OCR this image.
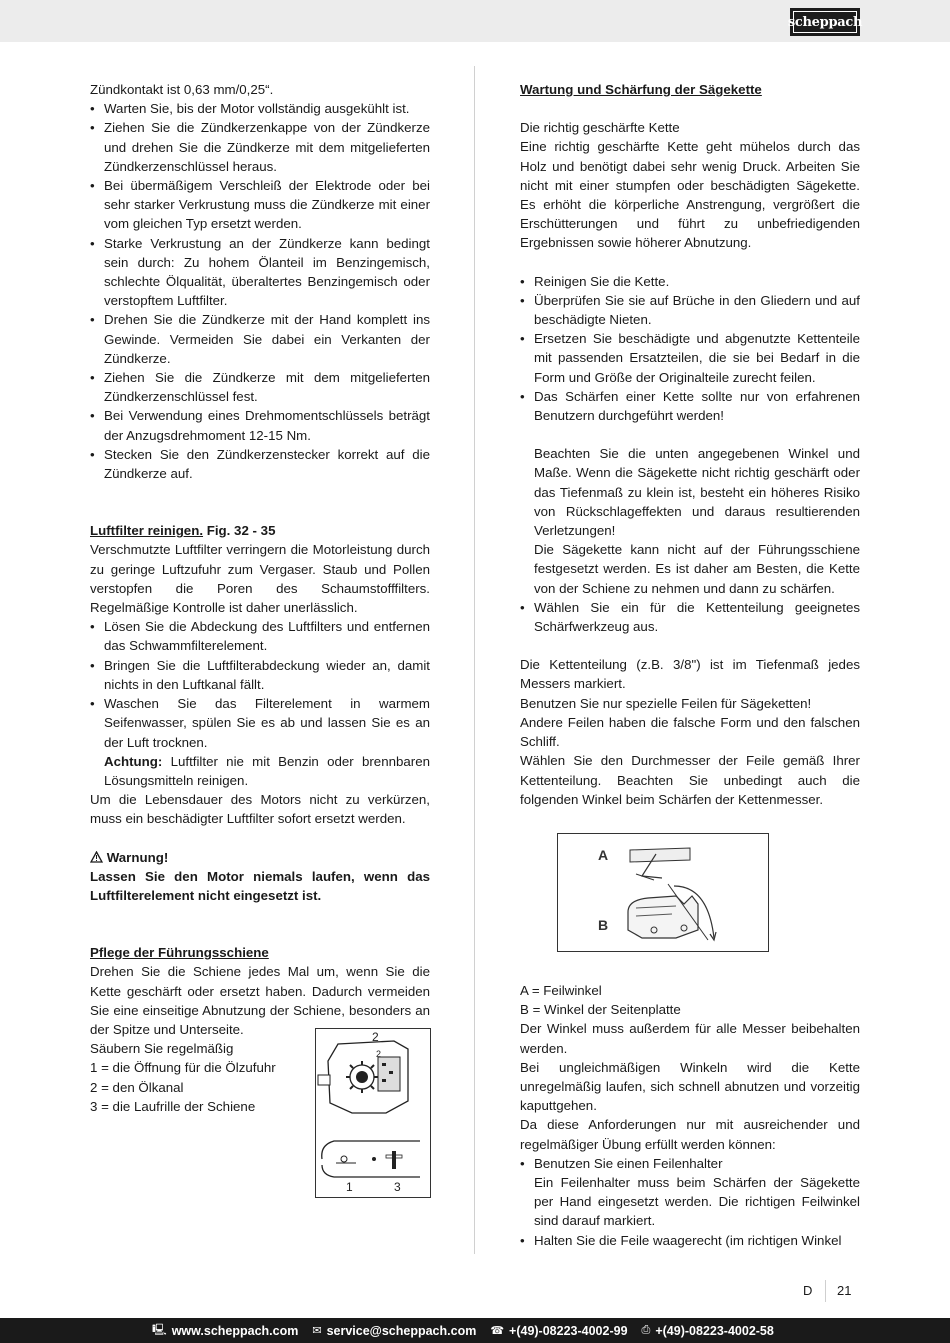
scheppach

Zündkontakt ist 0,63 mm/0,25“.

• Warten Sie, bis der Motor vollständig ausgekühlt ist.
• Ziehen Sie die Zündkerzenkappe von der Zündkerze und drehen Sie die Zündkerze mit dem mitgelieferten Zündkerzenschlüssel heraus.
• Bei übermäßigem Verschleiß der Elektrode oder bei sehr starker Verkrustung muss die Zündkerze mit einer vom gleichen Typ ersetzt werden.
• Starke Verkrustung an der Zündkerze kann bedingt sein durch: Zu hohem Ölanteil im Benzingemisch, schlechte Ölqualität, überaltertes Benzingemisch oder verstopftem Luftfilter.
• Drehen Sie die Zündkerze mit der Hand komplett ins Gewinde. Vermeiden Sie dabei ein Verkanten der Zündkerze.
• Ziehen Sie die Zündkerze mit dem mitgelieferten Zündkerzenschlüssel fest.
• Bei Verwendung eines Drehmomentschlüssels beträgt der Anzugsdrehmoment 12-15 Nm.
• Stecken Sie den Zündkerzenstecker korrekt auf die Zündkerze auf.

Luftfilter reinigen. Fig. 32 - 35

Verschmutzte Luftfilter verringern die Motorleistung durch zu geringe Luftzufuhr zum Vergaser. Staub und Pollen verstopfen die Poren des Schaumstofffilters. Regelmäßige Kontrolle ist daher unerlässlich.

• Lösen Sie die Abdeckung des Luftfilters und entfernen das Schwammfilterelement.
• Bringen Sie die Luftfilterabdeckung wieder an, damit nichts in den Luftkanal fällt.
• Waschen Sie das Filterelement in warmem Seifenwasser, spülen Sie es ab und lassen Sie es an der Luft trocknen.

Achtung: Luftfilter nie mit Benzin oder brennbaren Lösungsmitteln reinigen.

Um die Lebensdauer des Motors nicht zu verkürzen, muss ein beschädigter Luftfilter sofort ersetzt werden.

Warnung!

Lassen Sie den Motor niemals laufen, wenn das Luftfilterelement nicht eingesetzt ist.

Pflege der Führungsschiene

Drehen Sie die Schiene jedes Mal um, wenn Sie die Kette geschärft oder ersetzt haben. Dadurch vermeiden Sie eine einseitige Abnutzung der Schiene, besonders an der Spitze und Unterseite.

Säubern Sie regelmäßig
1 = die Öffnung für die Ölzufuhr
2 = den Ölkanal
3 = die Laufrille der Schiene
2
2
1	3

Wartung und Schärfung der Sägekette

Die richtig geschärfte Kette

Eine richtig geschärfte Kette geht mühelos durch das Holz und benötigt dabei sehr wenig Druck. Arbeiten Sie nicht mit einer stumpfen oder beschädigten Sägekette. Es erhöht die körperliche Anstrengung, vergrößert die Erschütterungen und führt zu unbefriedigenden Ergebnissen sowie höherer Abnutzung.

• Reinigen Sie die Kette.
• Überprüfen Sie sie auf Brüche in den Gliedern und auf beschädigte Nieten.
• Ersetzen Sie beschädigte und abgenutzte Kettenteile mit passenden Ersatzteilen, die sie bei Bedarf in die Form und Größe der Originalteile zurecht feilen.
• Das Schärfen einer Kette sollte nur von erfahrenen Benutzern durchgeführt werden!

Beachten Sie die unten angegebenen Winkel und Maße. Wenn die Sägekette nicht richtig geschärft oder das Tiefenmaß zu klein ist, besteht ein höheres Risiko von Rückschlageffekten und daraus resultierenden Verletzungen!

Die Sägekette kann nicht auf der Führungsschiene festgesetzt werden. Es ist daher am Besten, die Kette von der Schiene zu nehmen und dann zu schärfen.

• Wählen Sie ein für die Kettenteilung geeignetes Schärfwerkzeug aus.

Die Kettenteilung (z.B. 3/8") ist im Tiefenmaß jedes Messers markiert.

Benutzen Sie nur spezielle Feilen für Sägeketten!

Andere Feilen haben die falsche Form und den falschen Schliff.

Wählen Sie den Durchmesser der Feile gemäß Ihrer Kettenteilung. Beachten Sie unbedingt auch die folgenden Winkel beim Schärfen der Kettenmesser.

A = Feilwinkel

B = Winkel der Seitenplatte

Der Winkel muss außerdem für alle Messer beibehalten werden.

Bei ungleichmäßigen Winkeln wird die Kette unregelmäßig laufen, sich schnell abnutzen und vorzeitig kaputtgehen.

Da diese Anforderungen nur mit ausreichender und regelmäßiger Übung erfüllt werden können:

• Benutzen Sie einen Feilenhalter

Ein Feilenhalter muss beim Schärfen der Sägekette per Hand eingesetzt werden. Die richtigen Feilwinkel sind darauf markiert.

• Halten Sie die Feile waagerecht (im richtigen Winkel
A
B
D 21
🖳 www.scheppach.com ✉ service@scheppach.com ☎ +(49)-08223-4002-99 ⎙ +(49)-08223-4002-58
